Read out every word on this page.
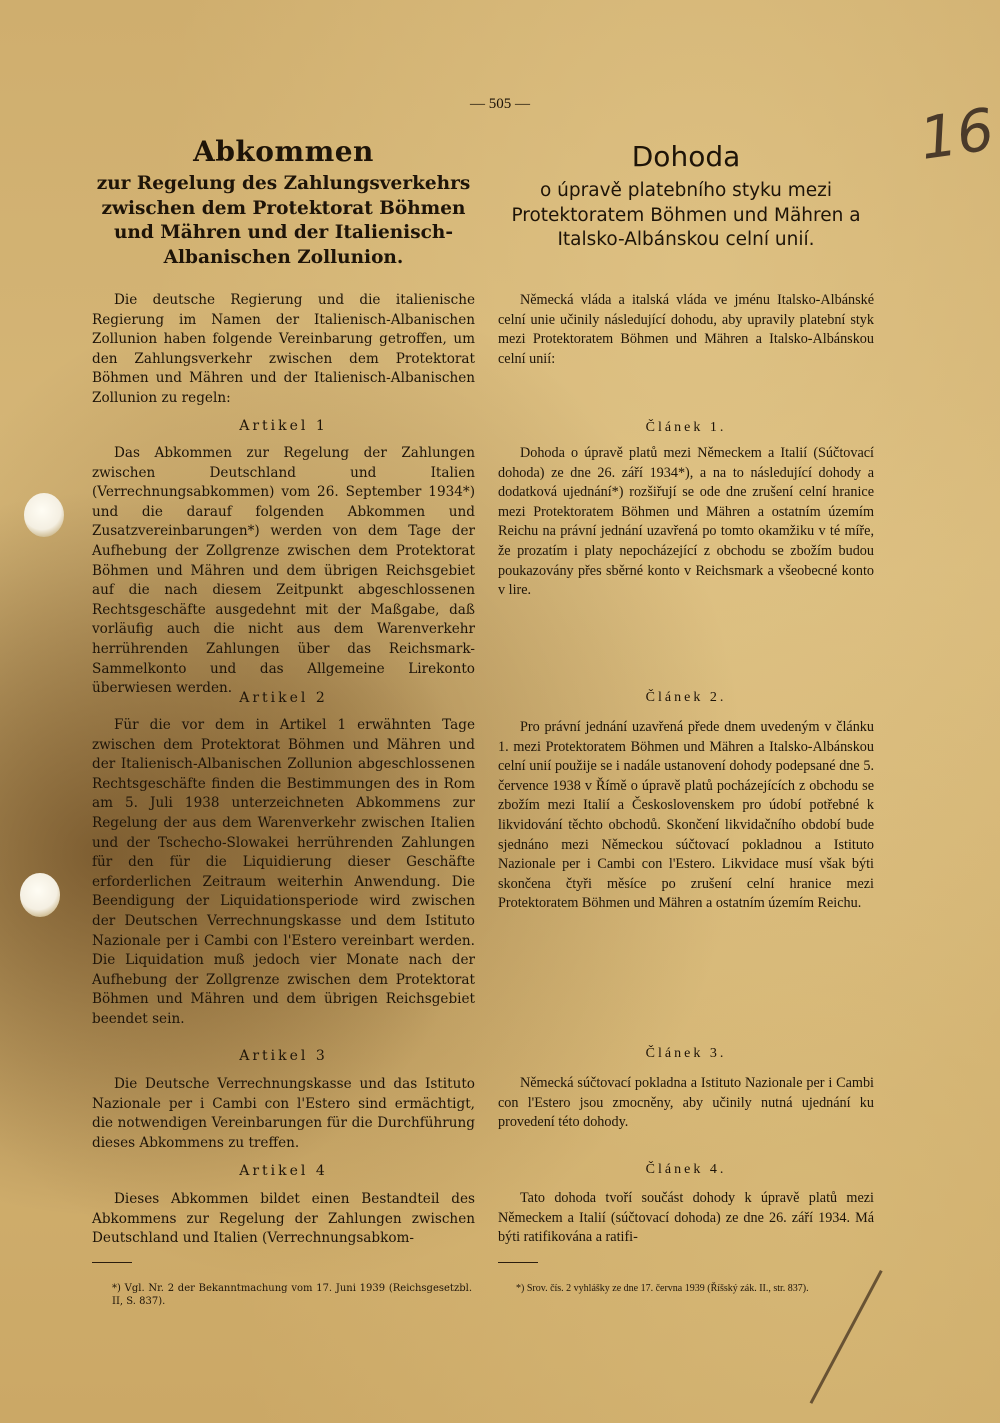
— 505 —	16
Abkommen
zur Regelung des Zahlungsverkehrs zwischen dem Protektorat Böhmen und Mähren und der Italienisch-Albanischen Zollunion.
Dohoda
o úpravě platebního styku mezi Protektoratem Böhmen und Mähren a Italsko-Albánskou celní unií.

Die deutsche Regierung und die italienische Regierung im Namen der Italienisch-Albanischen Zollunion haben folgende Vereinbarung getroffen, um den Zahlungsverkehr zwischen dem Protektorat Böhmen und Mähren und der Italienisch-Albanischen Zollunion zu regeln:

Artikel 1

Das Abkommen zur Regelung der Zahlungen zwischen Deutschland und Italien (Verrechnungsabkommen) vom 26. September 1934*) und die darauf folgenden Abkommen und Zusatzvereinbarungen*) werden von dem Tage der Aufhebung der Zollgrenze zwischen dem Protektorat Böhmen und Mähren und dem übrigen Reichsgebiet auf die nach diesem Zeitpunkt abgeschlossenen Rechtsgeschäfte ausgedehnt mit der Maßgabe, daß vorläufig auch die nicht aus dem Warenverkehr herrührenden Zahlungen über das Reichsmark-Sammelkonto und das Allgemeine Lirekonto überwiesen werden.

Artikel 2

Für die vor dem in Artikel 1 erwähnten Tage zwischen dem Protektorat Böhmen und Mähren und der Italienisch-Albanischen Zollunion abgeschlossenen Rechtsgeschäfte finden die Bestimmungen des in Rom am 5. Juli 1938 unterzeichneten Abkommens zur Regelung der aus dem Warenverkehr zwischen Italien und der Tschecho-Slowakei herrührenden Zahlungen für den für die Liquidierung dieser Geschäfte erforderlichen Zeitraum weiterhin Anwendung. Die Beendigung der Liquidationsperiode wird zwischen der Deutschen Verrechnungskasse und dem Istituto Nazionale per i Cambi con l'Estero vereinbart werden. Die Liquidation muß jedoch vier Monate nach der Aufhebung der Zollgrenze zwischen dem Protektorat Böhmen und Mähren und dem übrigen Reichsgebiet beendet sein.

Artikel 3

Die Deutsche Verrechnungskasse und das Istituto Nazionale per i Cambi con l'Estero sind ermächtigt, die notwendigen Vereinbarungen für die Durchführung dieses Abkommens zu treffen.

Artikel 4

Dieses Abkommen bildet einen Bestandteil des Abkommens zur Regelung der Zahlungen zwischen Deutschland und Italien (Verrechnungsabkom-

*) Vgl. Nr. 2 der Bekanntmachung vom 17. Juni 1939 (Reichsgesetzbl. II, S. 837).

Německá vláda a italská vláda ve jménu Italsko-Albánské celní unie učinily následující dohodu, aby upravily platební styk mezi Protektoratem Böhmen und Mähren a Italsko-Albánskou celní unií:

Článek 1.

Dohoda o úpravě platů mezi Německem a Italií (Súčtovací dohoda) ze dne 26. září 1934*), a na to následující dohody a dodatková ujednání*) rozšiřují se ode dne zrušení celní hranice mezi Protektoratem Böhmen und Mähren a ostatním územím Reichu na právní jednání uzavřená po tomto okamžiku v té míře, že prozatím i platy nepocházející z obchodu se zbožím budou poukazovány přes sběrné konto v Reichsmark a všeobecné konto v lire.

Článek 2.

Pro právní jednání uzavřená přede dnem uvedeným v článku 1. mezi Protektoratem Böhmen und Mähren a Italsko-Albánskou celní unií použije se i nadále ustanovení dohody podepsané dne 5. července 1938 v Římě o úpravě platů pocházejících z obchodu se zbožím mezi Italií a Československem pro údobí potřebné k likvidování těchto obchodů. Skončení likvidačního období bude sjednáno mezi Německou súčtovací pokladnou a Istituto Nazionale per i Cambi con l'Estero. Likvidace musí však býti skončena čtyři měsíce po zrušení celní hranice mezi Protektoratem Böhmen und Mähren a ostatním územím Reichu.

Článek 3.

Německá súčtovací pokladna a Istituto Nazionale per i Cambi con l'Estero jsou zmocněny, aby učinily nutná ujednání ku provedení této dohody.

Článek 4.

Tato dohoda tvoří součást dohody k úpravě platů mezi Německem a Italií (súčtovací dohoda) ze dne 26. září 1934. Má býti ratifikována a ratifi-

*) Srov. čís. 2 vyhlášky ze dne 17. června 1939 (Říšský zák. II., str. 837).
